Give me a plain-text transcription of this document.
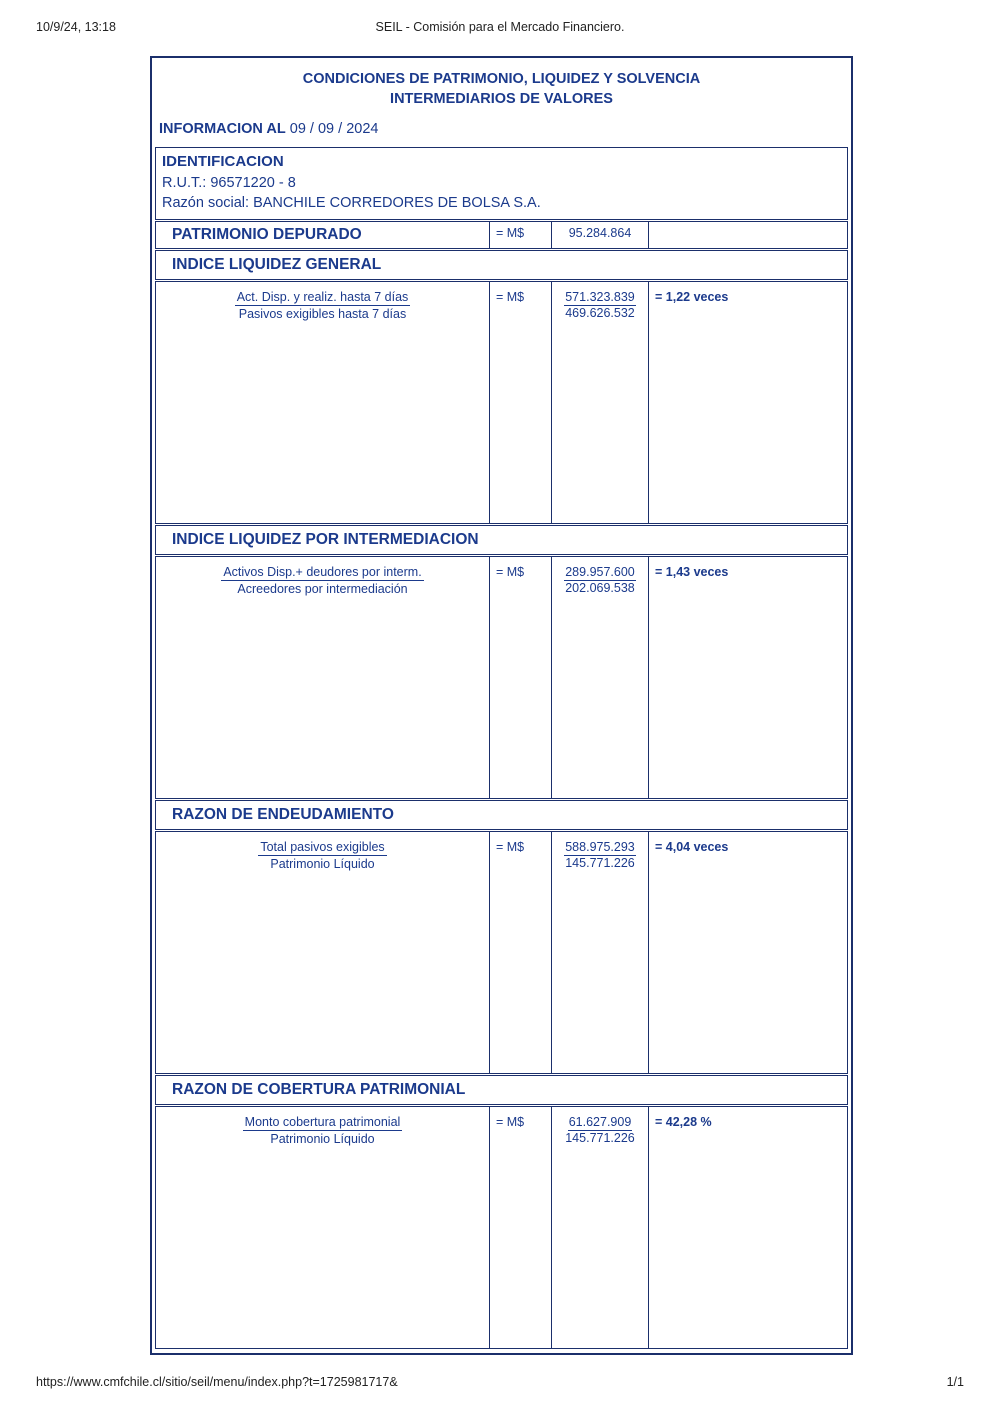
10/9/24, 13:18	SEIL - Comisión para el Mercado Financiero.
CONDICIONES DE PATRIMONIO, LIQUIDEZ Y SOLVENCIA
INTERMEDIARIOS DE VALORES
INFORMACION AL 09 / 09 / 2024
IDENTIFICACION
R.U.T.: 96571220 - 8
Razón social: BANCHILE CORREDORES DE BOLSA S.A.
PATRIMONIO DEPURADO	= M$	95.284.864
INDICE LIQUIDEZ GENERAL
$\frac{\text{Act. Disp. y realiz. hasta 7 días}}{\text{Pasivos exigibles hasta 7 días}}$ = M$	$\frac{571.323.839}{469.626.532} = 1,22$ veces
INDICE LIQUIDEZ POR INTERMEDIACION
$\frac{\text{Activos Disp.+ deudores por interm.}}{\text{Acreedores por intermediación}}$ = M$	$\frac{289.957.600}{202.069.538} = 1,43$ veces
RAZON DE ENDEUDAMIENTO
$\frac{\text{Total pasivos exigibles}}{\text{Patrimonio Líquido}}$ = M$	$\frac{588.975.293}{145.771.226} = 4,04$ veces
RAZON DE COBERTURA PATRIMONIAL
$\frac{\text{Monto cobertura patrimonial}}{\text{Patrimonio Líquido}}$ = M$	$\frac{61.627.909}{145.771.226} = 42,28$ %
https://www.cmfchile.cl/sitio/seil/menu/index.php?t=1725981717&	1/1
